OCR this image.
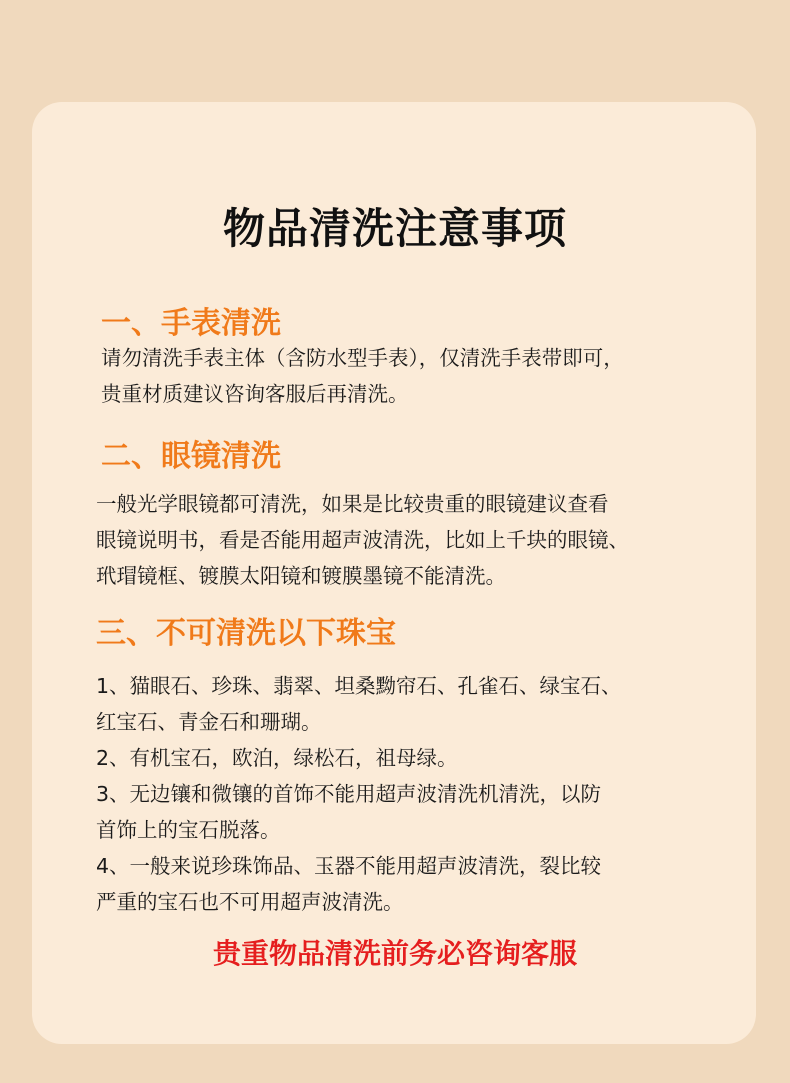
物品清洗注意事项
一、手表清洗

请勿清洗手表主体（含防水型手表），仅清洗手表带即可，
贵重材质建议咨询客服后再清洗。

二、眼镜清洗

一般光学眼镜都可清洗，如果是比较贵重的眼镜建议查看
眼镜说明书，看是否能用超声波清洗，比如上千块的眼镜、
玳瑁镜框、镀膜太阳镜和镀膜墨镜不能清洗。

三、不可清洗以下珠宝

1、猫眼石、珍珠、翡翠、坦桑黝帘石、孔雀石、绿宝石、
红宝石、青金石和珊瑚。
2、有机宝石，欧泊，绿松石，祖母绿。
3、无边镶和微镶的首饰不能用超声波清洗机清洗，以防
首饰上的宝石脱落。
4、一般来说珍珠饰品、玉器不能用超声波清洗，裂比较
严重的宝石也不可用超声波清洗。

贵重物品清洗前务必咨询客服
